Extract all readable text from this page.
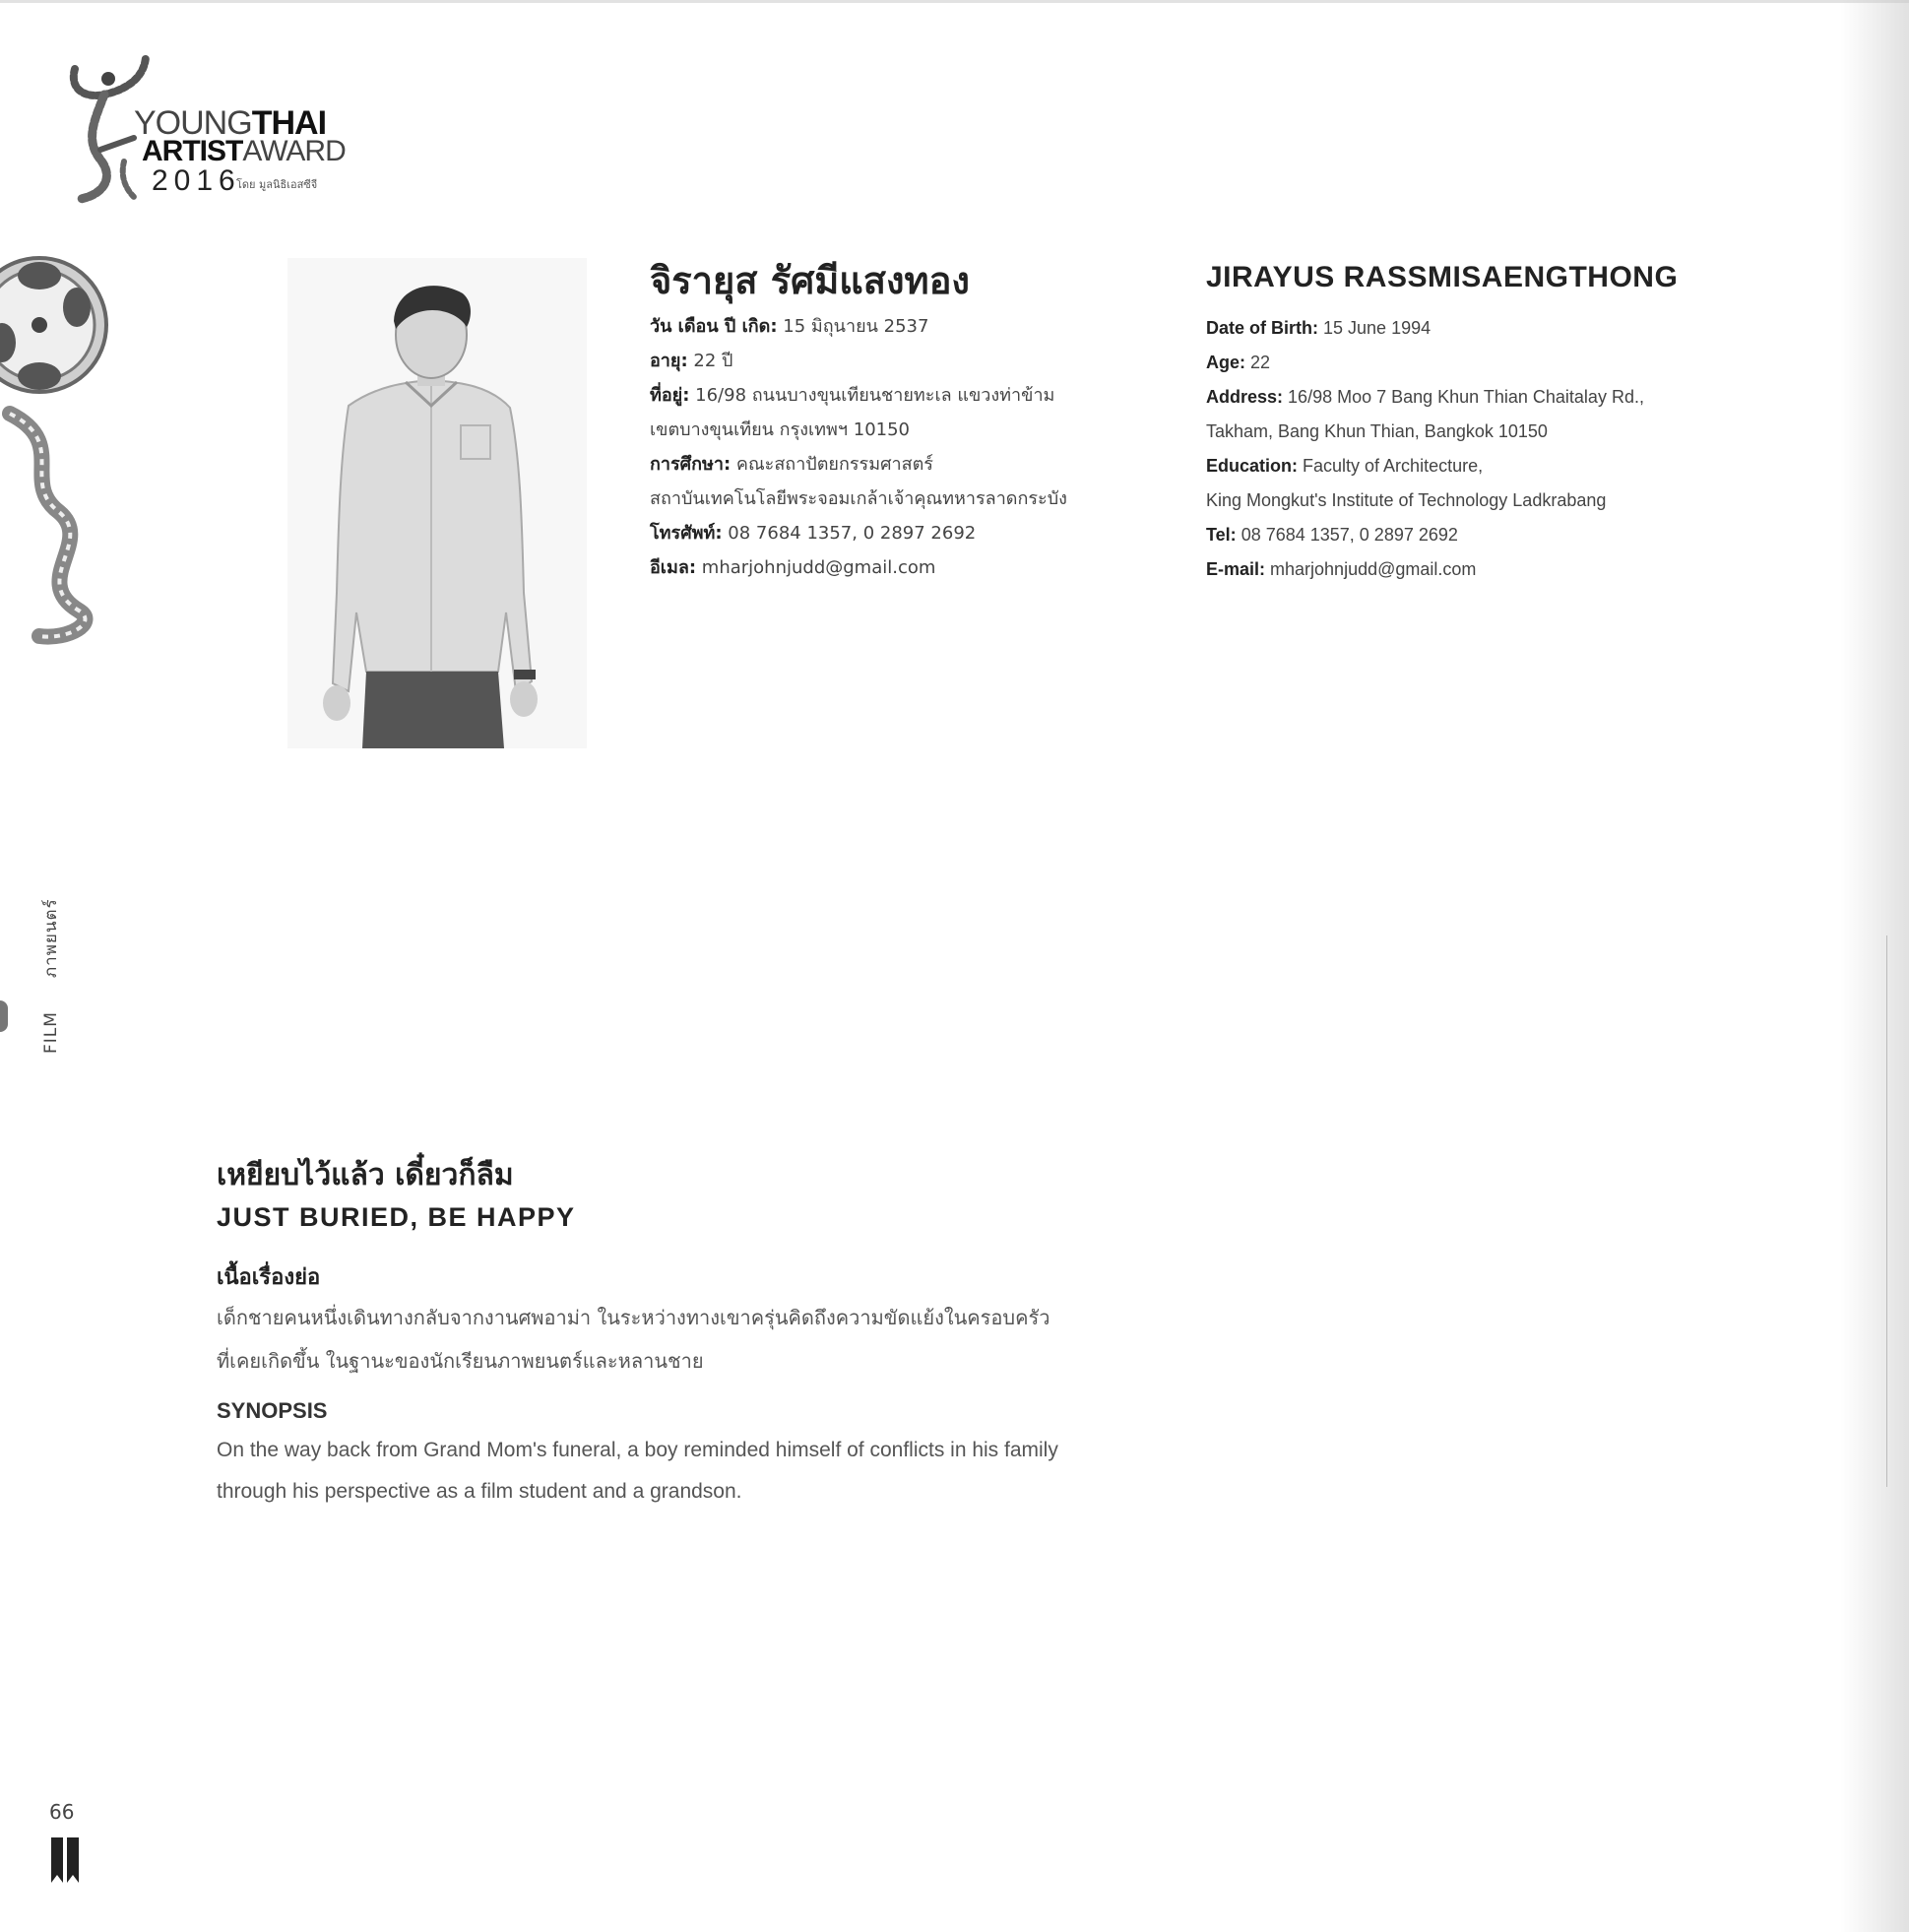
YOUNGTHAI
ARTISTAWARD
2016
โดย มูลนิธิเอสซีจี
FILMภาพยนตร์
จิรายุส รัศมีแสงทอง
วัน เดือน ปี เกิด: 15 มิถุนายน 2537
อายุ: 22 ปี
ที่อยู่: 16/98 ถนนบางขุนเทียนชายทะเล แขวงท่าข้าม
เขตบางขุนเทียน กรุงเทพฯ 10150
การศึกษา: คณะสถาปัตยกรรมศาสตร์
สถาบันเทคโนโลยีพระจอมเกล้าเจ้าคุณทหารลาดกระบัง
โทรศัพท์: 08 7684 1357, 0 2897 2692
อีเมล: mharjohnjudd@gmail.com
JIRAYUS RASSMISAENGTHONG
Date of Birth: 15 June 1994
Age: 22
Address: 16/98 Moo 7 Bang Khun Thian Chaitalay Rd.,
Takham, Bang Khun Thian, Bangkok 10150
Education: Faculty of Architecture,
King Mongkut's Institute of Technology Ladkrabang
Tel: 08 7684 1357, 0 2897 2692
E-mail: mharjohnjudd@gmail.com
เหยียบไว้แล้ว เดี๋ยวก็ลืม
JUST BURIED, BE HAPPY
เนื้อเรื่องย่อ

เด็กชายคนหนึ่งเดินทางกลับจากงานศพอาม่า ในระหว่างทางเขาครุ่นคิดถึงความขัดแย้งในครอบครัว
ที่เคยเกิดขึ้น ในฐานะของนักเรียนภาพยนตร์และหลานชาย

SYNOPSIS

On the way back from Grand Mom's funeral, a boy reminded himself of conflicts in his family
through his perspective as a film student and a grandson.

66
